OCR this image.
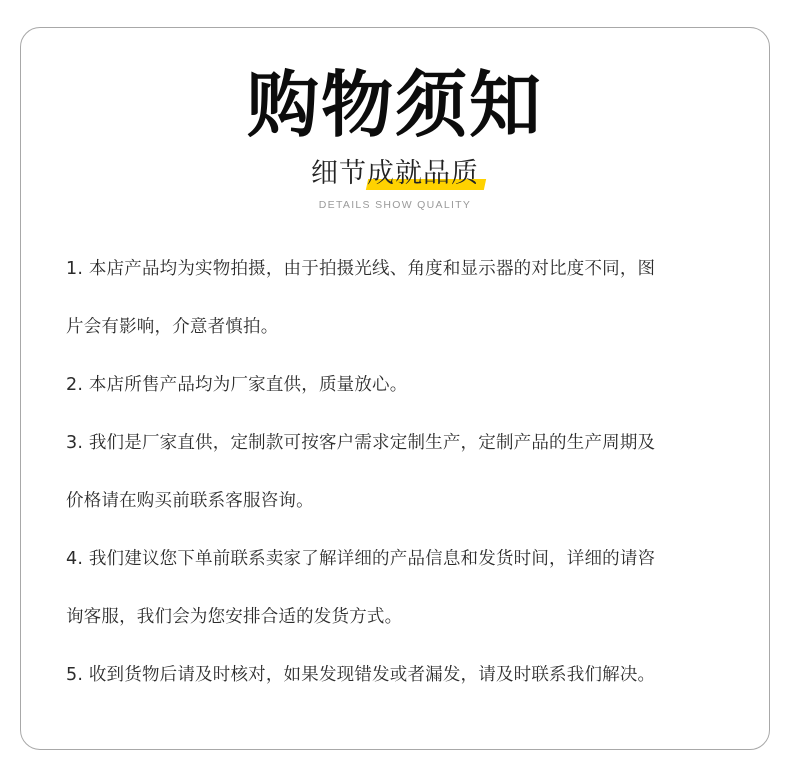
购物须知
细节成就品质
DETAILS SHOW QUALITY
1. 本店产品均为实物拍摄，由于拍摄光线、角度和显示器的对比度不同，图
片会有影响，介意者慎拍。
2. 本店所售产品均为厂家直供，质量放心。
3. 我们是厂家直供，定制款可按客户需求定制生产，定制产品的生产周期及
价格请在购买前联系客服咨询。
4. 我们建议您下单前联系卖家了解详细的产品信息和发货时间，详细的请咨
询客服，我们会为您安排合适的发货方式。
5. 收到货物后请及时核对，如果发现错发或者漏发，请及时联系我们解决。
